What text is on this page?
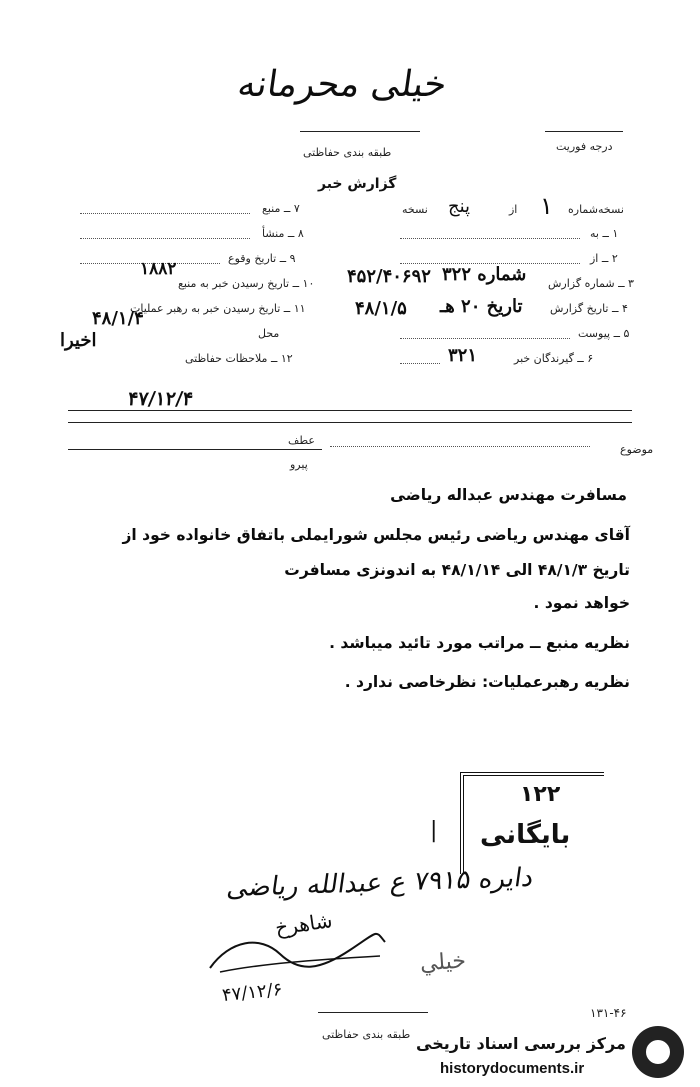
خیلی محرمانه
طبقه بندی حفاظتی	درجه فوریت
گزارش خبر
نسخه‌شماره
۱
از
پنج
نسخه
۱ ــ به
۲ ــ از
۳ ــ شماره گزارش
شماره ۳۲۲
۴۵۲/۴۰۶۹۲
۴ ــ تاریخ گزارش
تاریخ ۲۰ هـ
۴۸/۱/۵
۵ ــ پیوست
۶ ــ گیرندگان خبر
۳۲۱
۷ ــ منبع
۸ ــ منشأ
۹ ــ تاریخ وقوع
۱۸۸۲
۱۰ ــ تاریخ رسیدن خبر به منبع
۱۱ ــ تاریخ رسیدن خبر به رهبر عملیات
۴۸/۱/۴
محل
اخیرا
۱۲ ــ ملاحظات حفاظتی
۴۷/۱۲/۴
موضوع
عطف
پیرو
مسافرت مهندس عبداله ریاضی
آقای مهندس ریاضی رئیس مجلس شورایملی باتفاق خانواده خود از
تاریخ ۴۸/۱/۳ الی ۴۸/۱/۱۴ به اندونزی مسافرت
خواهد نمود .
نظریه منبع ــ مراتب مورد تائید میباشد .
نظریه رهبرعملیات: نظرخاصی ندارد .
۱۲۲
بایگانی
|
دایره ۷۹۱۵ ع عبدالله ریاضی
شاهرخ
ﺧﻴﻠﻲ
۴۷/۱۲/۶
۱۳۱-۴۶
طبقه بندی حفاظتی مرکز بررسی اسناد تاریخی
historydocuments.ir
